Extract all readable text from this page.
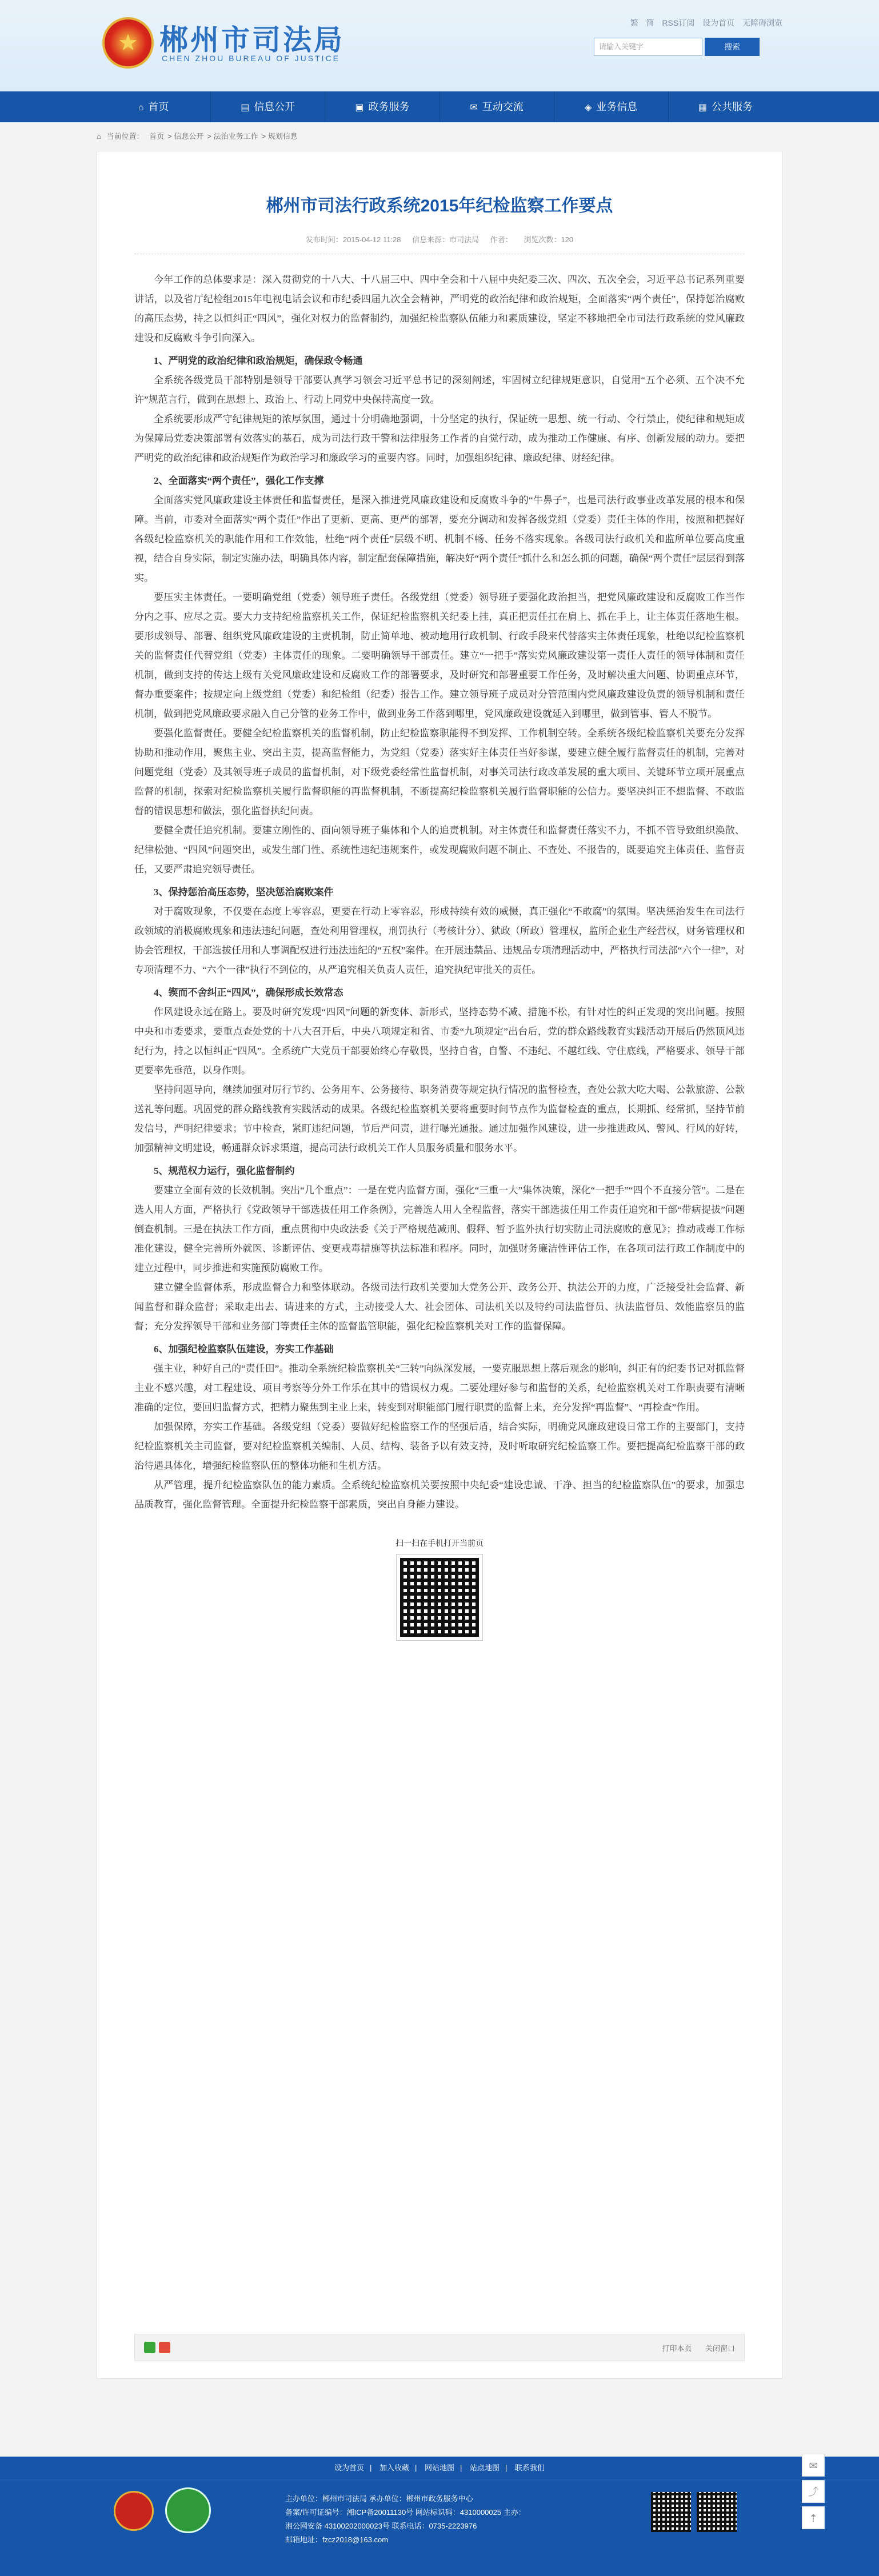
★
郴州市司法局
CHEN ZHOU BUREAU OF JUSTICE
繁 简 RSS订阅 设为首页 无障碍浏览
请输入关键字	搜索
⌂ 首页	▤ 信息公开	▣ 政务服务	✉ 互动交流	◈ 业务信息	▦ 公共服务
⌂ 当前位置： 首页 > 信息公开 > 法治业务工作 > 规划信息
郴州市司法行政系统2015年纪检监察工作要点
发布时间：2015-04-12 11:28 信息来源：市司法局 作者： 浏览次数：120

今年工作的总体要求是：深入贯彻党的十八大、十八届三中、四中全会和十八届中央纪委三次、四次、五次全会，习近平总书记系列重要讲话，以及省厅纪检组2015年电视电话会议和市纪委四届九次全会精神，严明党的政治纪律和政治规矩，全面落实“两个责任”，保持惩治腐败的高压态势，持之以恒纠正“四风”，强化对权力的监督制约，加强纪检监察队伍能力和素质建设，坚定不移地把全市司法行政系统的党风廉政建设和反腐败斗争引向深入。

1、严明党的政治纪律和政治规矩，确保政令畅通

全系统各级党员干部特别是领导干部要认真学习领会习近平总书记的深刻阐述，牢固树立纪律规矩意识，自觉用“五个必须、五个决不允许”规范言行，做到在思想上、政治上、行动上同党中央保持高度一致。

全系统要形成严守纪律规矩的浓厚氛围，通过十分明确地强调，十分坚定的执行，保证统一思想、统一行动、令行禁止，使纪律和规矩成为保障局党委决策部署有效落实的基石，成为司法行政干警和法律服务工作者的自觉行动，成为推动工作健康、有序、创新发展的动力。要把严明党的政治纪律和政治规矩作为政治学习和廉政学习的重要内容。同时，加强组织纪律、廉政纪律、财经纪律。

2、全面落实“两个责任”，强化工作支撑

全面落实党风廉政建设主体责任和监督责任，是深入推进党风廉政建设和反腐败斗争的“牛鼻子”，也是司法行政事业改革发展的根本和保障。当前，市委对全面落实“两个责任”作出了更新、更高、更严的部署，要充分调动和发挥各级党组（党委）责任主体的作用，按照和把握好各级纪检监察机关的职能作用和工作效能，杜绝“两个责任”层级不明、机制不畅、任务不落实现象。各级司法行政机关和监所单位要高度重视，结合自身实际，制定实施办法，明确具体内容，制定配套保障措施，解决好“两个责任”抓什么和怎么抓的问题，确保“两个责任”层层得到落实。

要压实主体责任。一要明确党组（党委）领导班子责任。各级党组（党委）领导班子要强化政治担当，把党风廉政建设和反腐败工作当作分内之事、应尽之责。要大力支持纪检监察机关工作，保证纪检监察机关纪委上挂，真正把责任扛在肩上、抓在手上，让主体责任落地生根。要形成领导、部署、组织党风廉政建设的主责机制，防止简单地、被动地用行政机制、行政手段来代替落实主体责任现象，杜绝以纪检监察机关的监督责任代替党组（党委）主体责任的现象。二要明确领导干部责任。建立“一把手”落实党风廉政建设第一责任人责任的领导体制和责任机制，做到支持的传达上级有关党风廉政建设和反腐败工作的部署要求，及时研究和部署重要工作任务，及时解决重大问题、协调重点环节，督办重要案件；按规定向上级党组（党委）和纪检组（纪委）报告工作。建立领导班子成员对分管范围内党风廉政建设负责的领导机制和责任机制，做到把党风廉政要求融入自己分管的业务工作中，做到业务工作落到哪里，党风廉政建设就延入到哪里，做到管事、管人不脱节。

要强化监督责任。要健全纪检监察机关的监督机制，防止纪检监察职能得不到发挥、工作机制空转。全系统各级纪检监察机关要充分发挥协助和推动作用，聚焦主业、突出主责，提高监督能力，为党组（党委）落实好主体责任当好参谋，要建立健全履行监督责任的机制，完善对问题党组（党委）及其领导班子成员的监督机制，对下级党委经常性监督机制，对事关司法行政改革发展的重大项目、关键环节立项开展重点监督的机制，探索对纪检监察机关履行监督职能的再监督机制，不断提高纪检监察机关履行监督职能的公信力。要坚决纠正不想监督、不敢监督的错误思想和做法，强化监督执纪问责。

要健全责任追究机制。要建立刚性的、面向领导班子集体和个人的追责机制。对主体责任和监督责任落实不力，不抓不管导致组织涣散、纪律松弛、“四风”问题突出，或发生部门性、系统性违纪违规案件，或发现腐败问题不制止、不查处、不报告的，既要追究主体责任、监督责任，又要严肃追究领导责任。

3、保持惩治高压态势，坚决惩治腐败案件

对于腐败现象，不仅要在态度上零容忍，更要在行动上零容忍，形成持续有效的威慑，真正强化“不敢腐”的氛围。坚决惩治发生在司法行政领域的消极腐败现象和违法违纪问题，查处利用管理权，刑罚执行（考核计分）、狱政（所政）管理权，监所企业生产经营权，财务管理权和协会管理权，干部选拔任用和人事调配权进行违法违纪的“五权”案件。在开展违禁品、违规品专项清理活动中，严格执行司法部“六个一律”，对专项清理不力、“六个一律”执行不到位的，从严追究相关负责人责任，追究执纪审批关的责任。

4、锲而不舍纠正“四风”，确保形成长效常态

作风建设永远在路上。要及时研究发现“四风”问题的新变体、新形式，坚持态势不减、措施不松，有针对性的纠正发现的突出问题。按照中央和市委要求，要重点查处党的十八大召开后，中央八项规定和省、市委“九项规定”出台后，党的群众路线教育实践活动开展后仍然顶风违纪行为，持之以恒纠正“四风”。全系统广大党员干部要始终心存敬畏，坚持自省，自警、不违纪、不越红线、守住底线，严格要求、领导干部更要率先垂范，以身作则。

坚持问题导向，继续加强对厉行节约、公务用车、公务接待、职务消费等规定执行情况的监督检查，查处公款大吃大喝、公款旅游、公款送礼等问题。巩固党的群众路线教育实践活动的成果。各级纪检监察机关要将重要时间节点作为监督检查的重点，长期抓、经常抓，坚持节前发信号，严明纪律要求；节中检查，紧盯违纪问题，节后严问责，进行曝光通报。通过加强作风建设，进一步推进政风、警风、行风的好转，加强精神文明建设，畅通群众诉求渠道，提高司法行政机关工作人员服务质量和服务水平。

5、规范权力运行，强化监督制约

要建立全面有效的长效机制。突出“几个重点”：一是在党内监督方面，强化“三重一大”集体决策，深化“一把手”“四个不直接分管”。二是在选人用人方面，严格执行《党政领导干部选拔任用工作条例》，完善选人用人全程监督，落实干部选拔任用工作责任追究和干部“带病提拔”问题倒查机制。三是在执法工作方面，重点贯彻中央政法委《关于严格规范减刑、假释、暂予监外执行切实防止司法腐败的意见》；推动戒毒工作标准化建设，健全完善所外就医、诊断评估、变更戒毒措施等执法标准和程序。同时，加强财务廉洁性评估工作，在各项司法行政工作制度中的建立过程中，同步推进和实施预防腐败工作。

建立健全监督体系，形成监督合力和整体联动。各级司法行政机关要加大党务公开、政务公开、执法公开的力度，广泛接受社会监督、新闻监督和群众监督；采取走出去、请进来的方式，主动接受人大、社会团体、司法机关以及特约司法监督员、执法监督员、效能监察员的监督；充分发挥领导干部和业务部门等责任主体的监督监管职能，强化纪检监察机关对工作的监督保障。

6、加强纪检监察队伍建设，夯实工作基础

强主业，种好自己的“责任田”。推动全系统纪检监察机关“三转”向纵深发展，一要克服思想上落后观念的影响，纠正有的纪委书记对抓监督主业不感兴趣，对工程建设、项目考察等分外工作乐在其中的错误权力观。二要处理好参与和监督的关系，纪检监察机关对工作职责要有清晰准确的定位，要回归监督方式，把精力聚焦到主业上来，转变到对职能部门履行职责的监督上来，充分发挥“再监督”、“再检查”作用。

加强保障，夯实工作基础。各级党组（党委）要做好纪检监察工作的坚强后盾，结合实际，明确党风廉政建设日常工作的主要部门，支持纪检监察机关主司监督，要对纪检监察机关编制、人员、结构、装备予以有效支持，及时听取研究纪检监察工作。要把提高纪检监察干部的政治待遇具体化，增强纪检监察队伍的整体功能和生机方活。

从严管理，提升纪检监察队伍的能力素质。全系统纪检监察机关要按照中央纪委“建设忠诚、干净、担当的纪检监察队伍”的要求，加强忠品质教育，强化监督管理。全面提升纪检监察干部素质，突出自身能力建设。

扫一扫在手机打开当前页
打印本页 关闭窗口
设为首页 | 加入收藏 | 网站地图 | 站点地图 | 联系我们
主办单位：郴州市司法局 承办单位：郴州市政务服务中心
备案/许可证编号：湘ICP备20011130号 网站标识码：4310000025 主办：
湘公网安备 43100202000023号 联系电话：0735-2223976
邮箱地址：fzcz2018@163.com
✉
⤴
⇡
